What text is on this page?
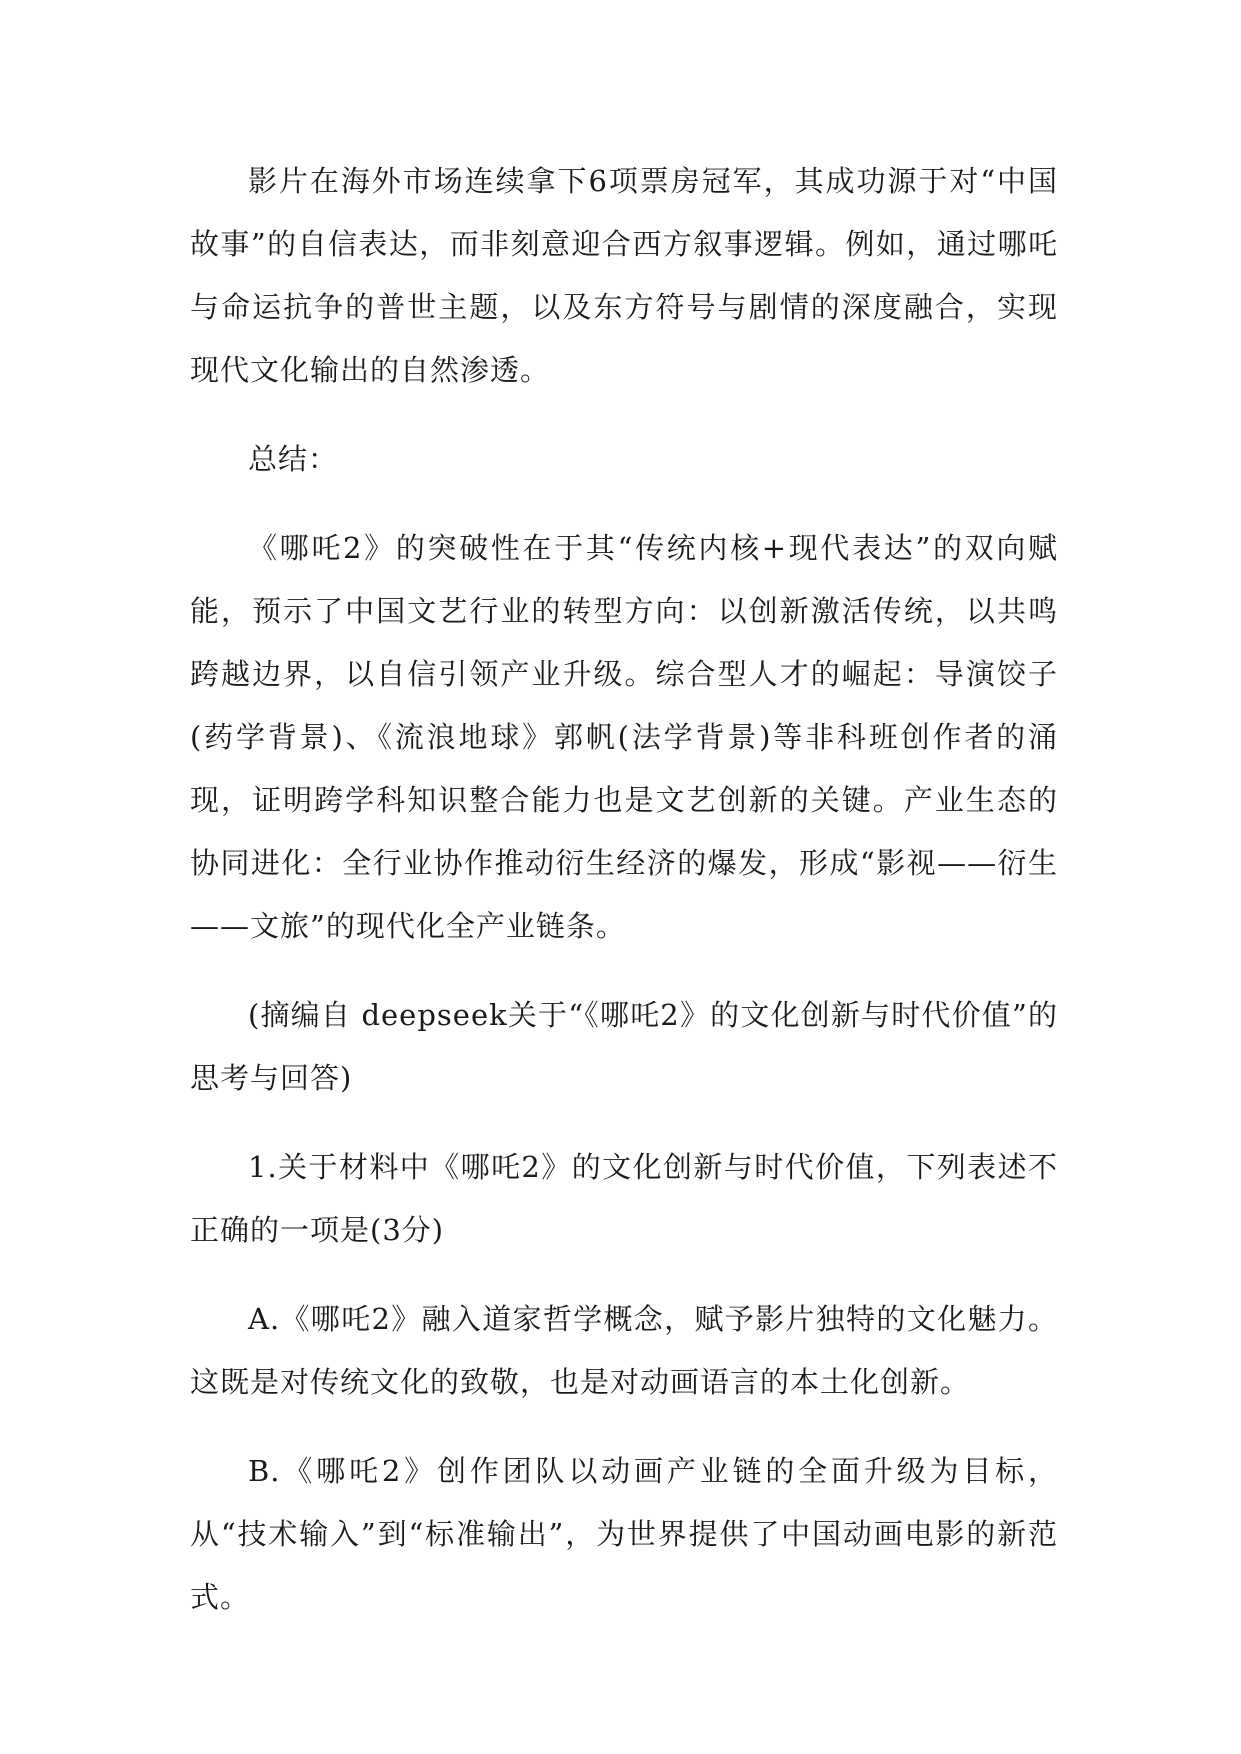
影片在海外市场连续拿下6项票房冠军，其成功源于对“中国故事”的自信表达，而非刻意迎合西方叙事逻辑。例如，通过哪吒与命运抗争的普世主题，以及东方符号与剧情的深度融合，实现现代文化输出的自然渗透。

总结：

《哪吒2》的突破性在于其“传统内核+现代表达”的双向赋能，预示了中国文艺行业的转型方向：以创新激活传统，以共鸣跨越边界，以自信引领产业升级。综合型人才的崛起：导演饺子(药学背景)、《流浪地球》郭帆(法学背景)等非科班创作者的涌现，证明跨学科知识整合能力也是文艺创新的关键。产业生态的协同进化：全行业协作推动衍生经济的爆发，形成“影视——衍生——文旅”的现代化全产业链条。

(摘编自 deepseek关于“《哪吒2》的文化创新与时代价值”的思考与回答)

1.关于材料中《哪吒2》的文化创新与时代价值，下列表述不正确的一项是(3分)

A.《哪吒2》融入道家哲学概念，赋予影片独特的文化魅力。这既是对传统文化的致敬，也是对动画语言的本土化创新。

B.《哪吒2》创作团队以动画产业链的全面升级为目标，从“技术输入”到“标准输出”，为世界提供了中国动画电影的新范式。
